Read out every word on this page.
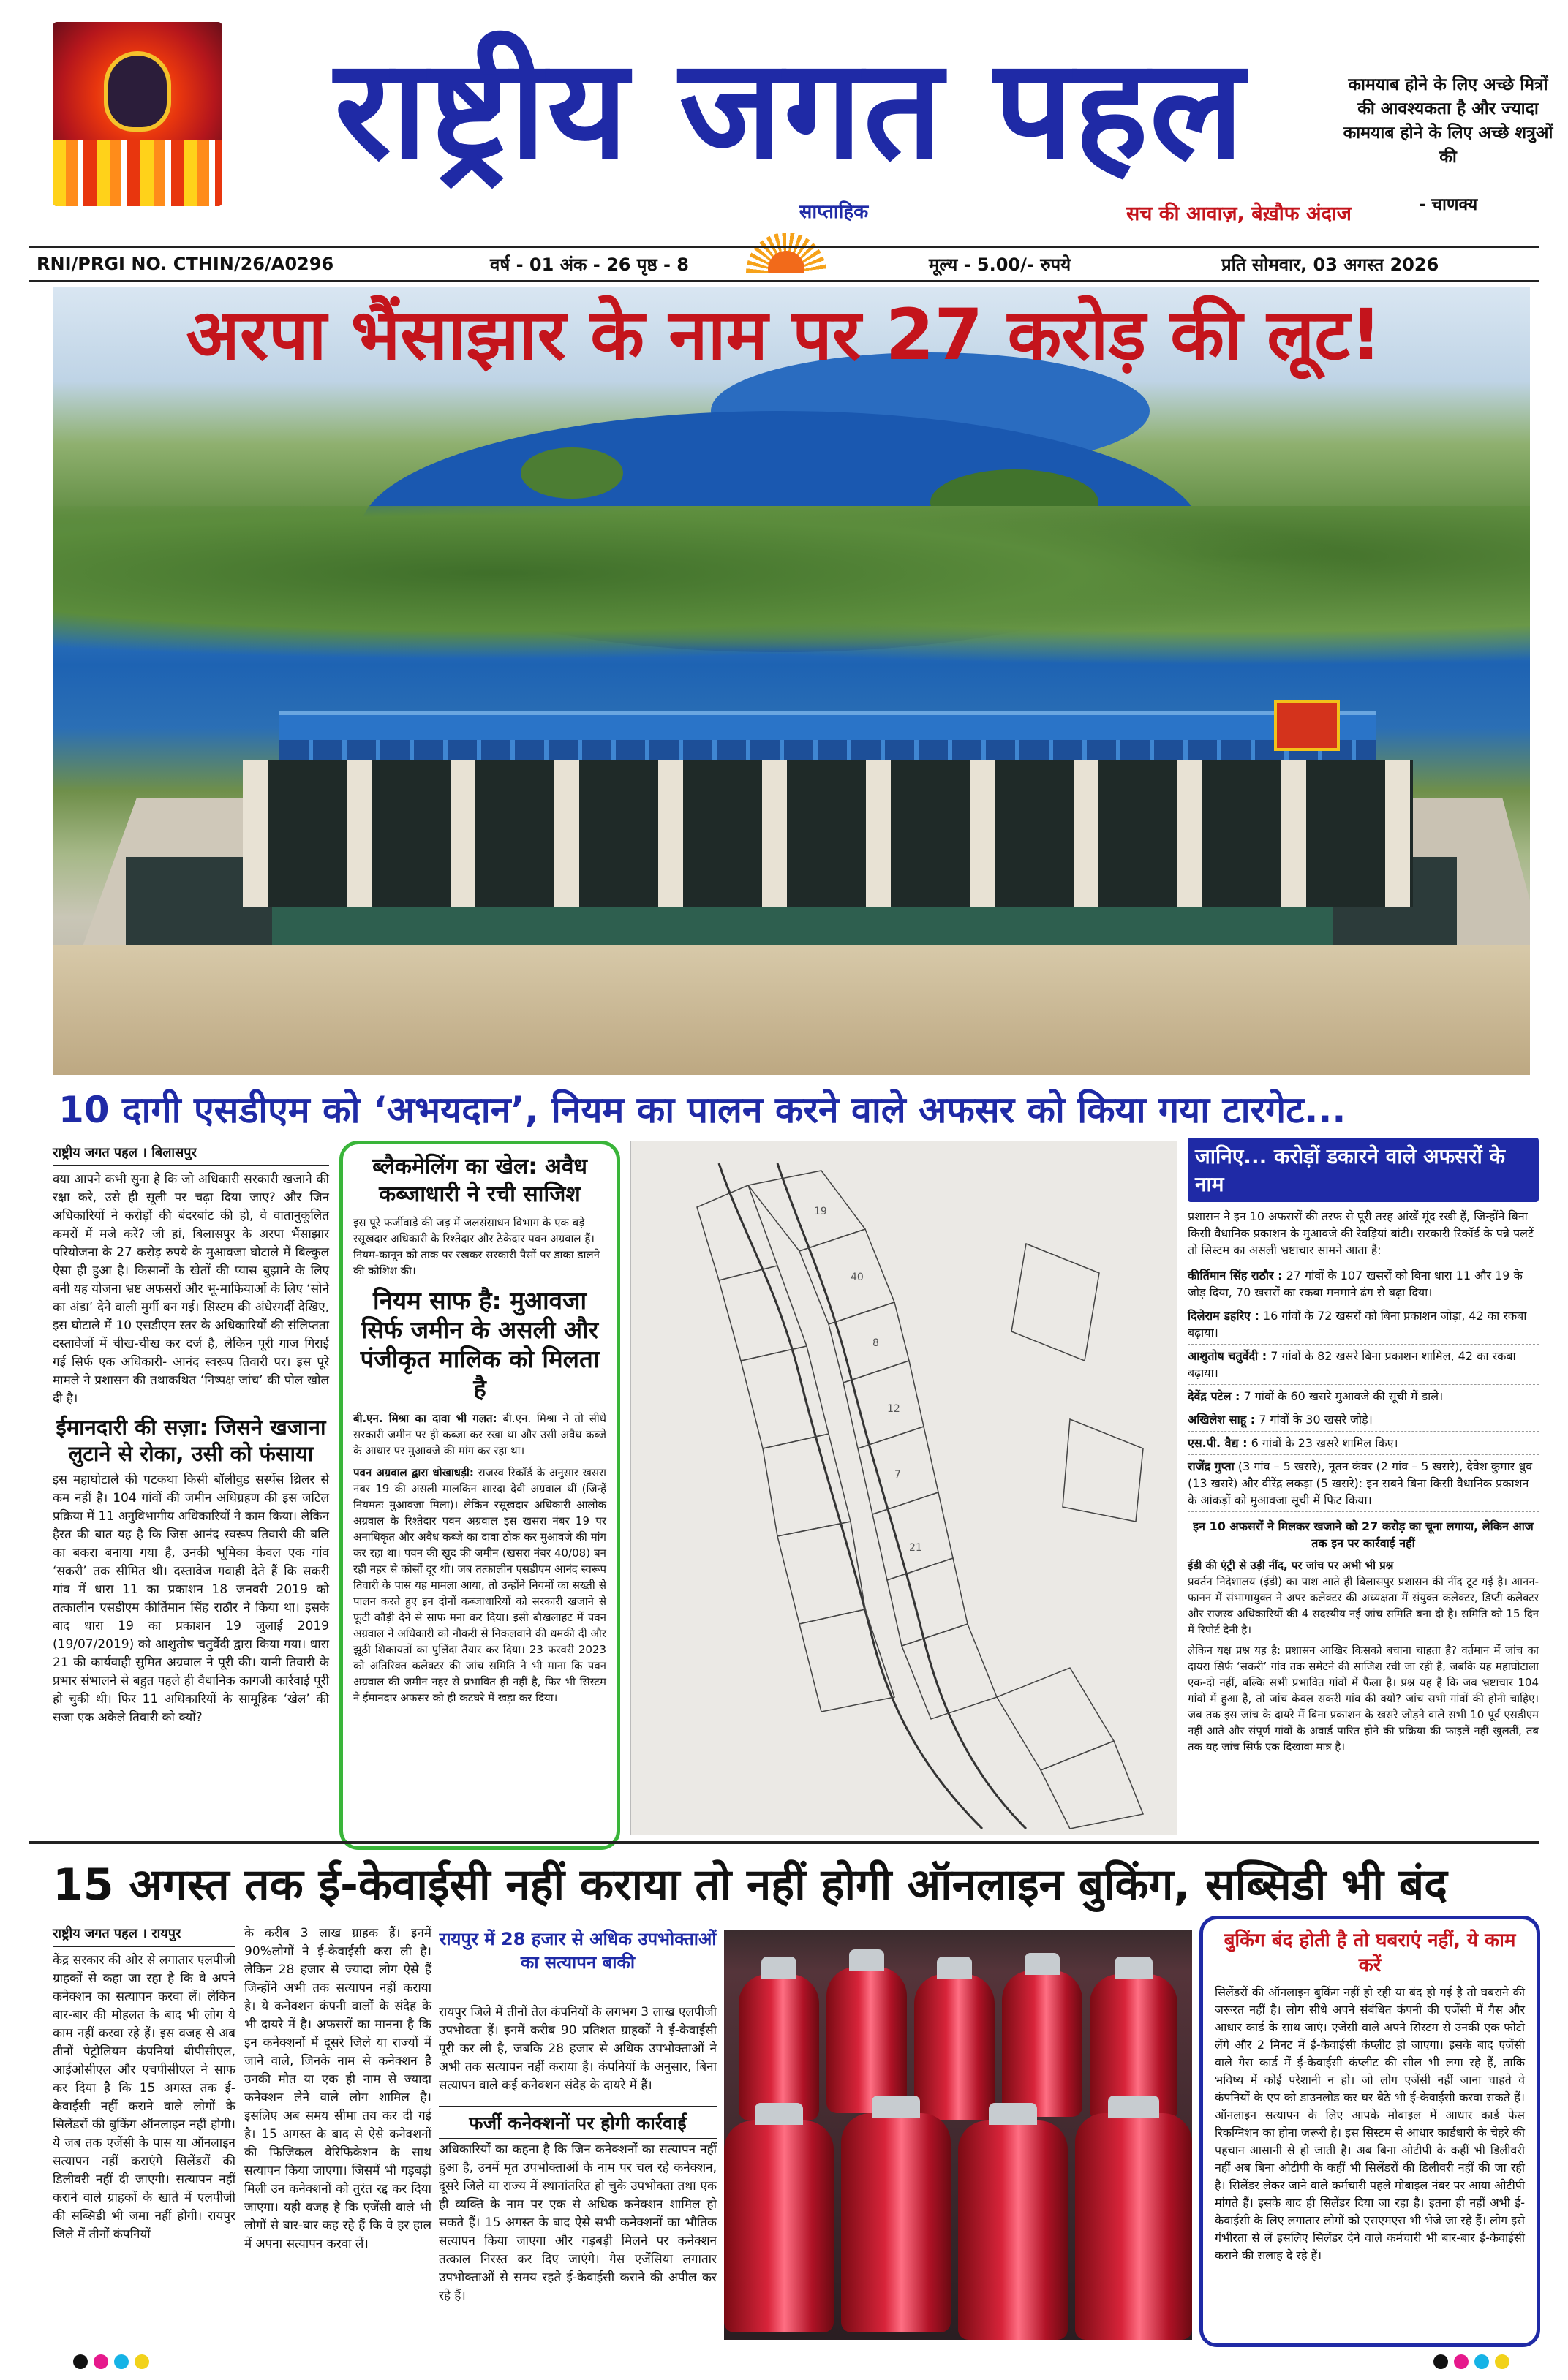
राष्ट्रीय जगत पहल
साप्ताहिक	सच की आवाज़, बेख़ौफ अंदाज
कामयाब होने के लिए अच्छे मित्रों की आवश्यकता है और ज्यादा कामयाब होने के लिए अच्छे शत्रुओं की
- चाणक्य
RNI/PRGI NO. CTHIN/26/A0296	वर्ष - 01 अंक - 26 पृष्ठ - 8	मूल्य - 5.00/- रुपये	प्रति सोमवार, 03 अगस्त 2026
अरपा भैंसाझार के नाम पर 27 करोड़ की लूट!
10 दागी एसडीएम को ‘अभयदान’, नियम का पालन करने वाले अफसर को किया गया टारगेट...
राष्ट्रीय जगत पहल । बिलासपुर

क्या आपने कभी सुना है कि जो अधिकारी सरकारी खजाने की रक्षा करे, उसे ही सूली पर चढ़ा दिया जाए? और जिन अधिकारियों ने करोड़ों की बंदरबांट की हो, वे वातानुकूलित कमरों में मजे करें? जी हां, बिलासपुर के अरपा भैंसाझार परियोजना के 27 करोड़ रुपये के मुआवजा घोटाले में बिल्कुल ऐसा ही हुआ है। किसानों के खेतों की प्यास बुझाने के लिए बनी यह योजना भ्रष्ट अफसरों और भू-माफियाओं के लिए ‘सोने का अंडा’ देने वाली मुर्गी बन गई। सिस्टम की अंधेरगर्दी देखिए, इस घोटाले में 10 एसडीएम स्तर के अधिकारियों की संलिप्तता दस्तावेजों में चीख-चीख कर दर्ज है, लेकिन पूरी गाज गिराई गई सिर्फ एक अधिकारी- आनंद स्वरूप तिवारी पर। इस पूरे मामले ने प्रशासन की तथाकथित ‘निष्पक्ष जांच’ की पोल खोल दी है।

ईमानदारी की सज़ा: जिसने खजाना लुटाने से रोका, उसी को फंसाया

इस महाघोटाले की पटकथा किसी बॉलीवुड सस्पेंस थ्रिलर से कम नहीं है। 104 गांवों की जमीन अधिग्रहण की इस जटिल प्रक्रिया में 11 अनुविभागीय अधिकारियों ने काम किया। लेकिन हैरत की बात यह है कि जिस आनंद स्वरूप तिवारी की बलि का बकरा बनाया गया है, उनकी भूमिका केवल एक गांव ‘सकरी’ तक सीमित थी। दस्तावेज गवाही देते हैं कि सकरी गांव में धारा 11 का प्रकाशन 18 जनवरी 2019 को तत्कालीन एसडीएम कीर्तिमान सिंह राठौर ने किया था। इसके बाद धारा 19 का प्रकाशन 19 जुलाई 2019 (19/07/2019) को आशुतोष चतुर्वेदी द्वारा किया गया। धारा 21 की कार्यवाही सुमित अग्रवाल ने पूरी की। यानी तिवारी के प्रभार संभालने से बहुत पहले ही वैधानिक कागजी कार्रवाई पूरी हो चुकी थी। फिर 11 अधिकारियों के सामूहिक ‘खेल’ की सजा एक अकेले तिवारी को क्यों?

ब्लैकमेलिंग का खेल: अवैध कब्जाधारी ने रची साजिश

इस पूरे फर्जीवाड़े की जड़ में जलसंसाधन विभाग के एक बड़े रसूखदार अधिकारी के रिश्तेदार और ठेकेदार पवन अग्रवाल हैं। नियम-कानून को ताक पर रखकर सरकारी पैसों पर डाका डालने की कोशिश की।

नियम साफ है: मुआवजा सिर्फ जमीन के असली और पंजीकृत मालिक को मिलता है

बी.एन. मिश्रा का दावा भी गलत: बी.एन. मिश्रा ने तो सीधे सरकारी जमीन पर ही कब्जा कर रखा था और उसी अवैध कब्जे के आधार पर मुआवजे की मांग कर रहा था।

पवन अग्रवाल द्वारा धोखाधड़ी: राजस्व रिकॉर्ड के अनुसार खसरा नंबर 19 की असली मालकिन शारदा देवी अग्रवाल थीं (जिन्हें नियमतः मुआवजा मिला)। लेकिन रसूखदार अधिकारी आलोक अग्रवाल के रिश्तेदार पवन अग्रवाल इस खसरा नंबर 19 पर अनाधिकृत और अवैध कब्जे का दावा ठोक कर मुआवजे की मांग कर रहा था। पवन की खुद की जमीन (खसरा नंबर 40/08) बन रही नहर से कोसों दूर थी। जब तत्कालीन एसडीएम आनंद स्वरूप तिवारी के पास यह मामला आया, तो उन्होंने नियमों का सख्ती से पालन करते हुए इन दोनों कब्जाधारियों को सरकारी खजाने से फूटी कौड़ी देने से साफ मना कर दिया। इसी बौखलाहट में पवन अग्रवाल ने अधिकारी को नौकरी से निकलवाने की धमकी दी और झूठी शिकायतों का पुलिंदा तैयार कर दिया। 23 फरवरी 2023 को अतिरिक्त कलेक्टर की जांच समिति ने भी माना कि पवन अग्रवाल की जमीन नहर से प्रभावित ही नहीं है, फिर भी सिस्टम ने ईमानदार अफसर को ही कटघरे में खड़ा कर दिया।

19
40
8
12
7
21
जानिए... करोड़ों डकारने वाले अफसरों के नाम

प्रशासन ने इन 10 अफसरों की तरफ से पूरी तरह आंखें मूंद रखी हैं, जिन्होंने बिना किसी वैधानिक प्रकाशन के मुआवजे की रेवड़ियां बांटी। सरकारी रिकॉर्ड के पन्ने पलटें तो सिस्टम का असली भ्रष्टाचार सामने आता है:

कीर्तिमान सिंह राठौर : 27 गांवों के 107 खसरों को बिना धारा 11 और 19 के जोड़ दिया, 70 खसरों का रकबा मनमाने ढंग से बढ़ा दिया।
दिलेराम डहरिए : 16 गांवों के 72 खसरों को बिना प्रकाशन जोड़ा, 42 का रकबा बढ़ाया।
आशुतोष चतुर्वेदी : 7 गांवों के 82 खसरे बिना प्रकाशन शामिल, 42 का रकबा बढ़ाया।
देवेंद्र पटेल : 7 गांवों के 60 खसरे मुआवजे की सूची में डाले।
अखिलेश साहू : 7 गांवों के 30 खसरे जोड़े।
एस.पी. वैद्य : 6 गांवों के 23 खसरे शामिल किए।
राजेंद्र गुप्ता (3 गांव – 5 खसरे), नूतन कंवर (2 गांव – 5 खसरे), देवेश कुमार ध्रुव (13 खसरे) और वीरेंद्र लकड़ा (5 खसरे): इन सबने बिना किसी वैधानिक प्रकाशन के आंकड़ों को मुआवजा सूची में फिट किया।
इन 10 अफसरों ने मिलकर खजाने को 27 करोड़ का चूना लगाया, लेकिन आज तक इन पर कार्रवाई नहीं

ईडी की एंट्री से उड़ी नींद, पर जांच पर अभी भी प्रश्न

प्रवर्तन निदेशालय (ईडी) का पाश आते ही बिलासपुर प्रशासन की नींद टूट गई है। आनन-फानन में संभागायुक्त ने अपर कलेक्टर की अध्यक्षता में संयुक्त कलेक्टर, डिप्टी कलेक्टर और राजस्व अधिकारियों की 4 सदस्यीय नई जांच समिति बना दी है। समिति को 15 दिन में रिपोर्ट देनी है।

लेकिन यक्ष प्रश्न यह है: प्रशासन आखिर किसको बचाना चाहता है? वर्तमान में जांच का दायरा सिर्फ ‘सकरी’ गांव तक समेटने की साजिश रची जा रही है, जबकि यह महाघोटाला एक-दो नहीं, बल्कि सभी प्रभावित गांवों में फैला है। प्रश्न यह है कि जब भ्रष्टाचार 104 गांवों में हुआ है, तो जांच केवल सकरी गांव की क्यों? जांच सभी गांवों की होनी चाहिए। जब तक इस जांच के दायरे में बिना प्रकाशन के खसरे जोड़ने वाले सभी 10 पूर्व एसडीएम नहीं आते और संपूर्ण गांवों के अवार्ड पारित होने की प्रक्रिया की फाइलें नहीं खुलतीं, तब तक यह जांच सिर्फ एक दिखावा मात्र है।

15 अगस्त तक ई-केवाईसी नहीं कराया तो नहीं होगी ऑनलाइन बुकिंग, सब्सिडी भी बंद
राष्ट्रीय जगत पहल । रायपुर

केंद्र सरकार की ओर से लगातार एलपीजी ग्राहकों से कहा जा रहा है कि वे अपने कनेक्शन का सत्यापन करवा लें। लेकिन बार-बार की मोहलत के बाद भी लोग ये काम नहीं करवा रहे हैं। इस वजह से अब तीनों पेट्रोलियम कंपनियां बीपीसीएल, आईओसीएल और एचपीसीएल ने साफ कर दिया है कि 15 अगस्त तक ई-केवाईसी नहीं कराने वाले लोगों के सिलेंडरों की बुकिंग ऑनलाइन नहीं होगी। ये जब तक एजेंसी के पास या ऑनलाइन सत्यापन नहीं कराएंगे सिलेंडरों की डिलीवरी नहीं दी जाएगी। सत्यापन नहीं कराने वाले ग्राहकों के खाते में एलपीजी की सब्सिडी भी जमा नहीं होगी। रायपुर जिले में तीनों कंपनियों

रायपुर में 28 हजार से अधिक उपभोक्ताओं का सत्यापन बाकी
रायपुर जिले में तीनों तेल कंपनियों के लगभग 3 लाख एलपीजी उपभोक्ता हैं। इनमें करीब 90 प्रतिशत ग्राहकों ने ई-केवाईसी पूरी कर ली है, जबकि 28 हजार से अधिक उपभोक्ताओं ने अभी तक सत्यापन नहीं कराया है। कंपनियों के अनुसार, बिना सत्यापन वाले कई कनेक्शन संदेह के दायरे में हैं।
फर्जी कनेक्शनों पर होगी कार्रवाई
अधिकारियों का कहना है कि जिन कनेक्शनों का सत्यापन नहीं हुआ है, उनमें मृत उपभोक्ताओं के नाम पर चल रहे कनेक्शन, दूसरे जिले या राज्य में स्थानांतरित हो चुके उपभोक्ता तथा एक ही व्यक्ति के नाम पर एक से अधिक कनेक्शन शामिल हो सकते हैं। 15 अगस्त के बाद ऐसे सभी कनेक्शनों का भौतिक सत्यापन किया जाएगा और गड़बड़ी मिलने पर कनेक्शन तत्काल निरस्त कर दिए जाएंगे। गैस एजेंसिया लगातार उपभोक्ताओं से समय रहते ई-केवाईसी कराने की अपील कर रहे हैं।
बुकिंग बंद होती है तो घबराएं नहीं, ये काम करें

सिलेंडरों की ऑनलाइन बुकिंग नहीं हो रही या बंद हो गई है तो घबराने की जरूरत नहीं है। लोग सीधे अपने संबंधित कंपनी की एजेंसी में गैस और आधार कार्ड के साथ जाएं। एजेंसी वाले अपने सिस्टम से उनकी एक फोटो लेंगे और 2 मिनट में ई-केवाईसी कंप्लीट हो जाएगा। इसके बाद एजेंसी वाले गैस कार्ड में ई-केवाईसी कंप्लीट की सील भी लगा रहे हैं, ताकि भविष्य में कोई परेशानी न हो। जो लोग एजेंसी नहीं जाना चाहते वे कंपनियों के एप को डाउनलोड कर घर बैठे भी ई-केवाईसी करवा सकते हैं। ऑनलाइन सत्यापन के लिए आपके मोबाइल में आधार कार्ड फेस रिकग्निशन का होना जरूरी है। इस सिस्टम से आधार कार्डधारी के चेहरे की पहचान आसानी से हो जाती है। अब बिना ओटीपी के कहीं भी डिलीवरी नहीं अब बिना ओटीपी के कहीं भी सिलेंडरों की डिलीवरी नहीं की जा रही है। सिलेंडर लेकर जाने वाले कर्मचारी पहले मोबाइल नंबर पर आया ओटीपी मांगते हैं। इसके बाद ही सिलेंडर दिया जा रहा है। इतना ही नहीं अभी ई-केवाईसी के लिए लगातार लोगों को एसएमएस भी भेजे जा रहे हैं। लोग इसे गंभीरता से लें इसलिए सिलेंडर देने वाले कर्मचारी भी बार-बार ई-केवाईसी कराने की सलाह दे रहे हैं।

के करीब 3 लाख ग्राहक हैं। इनमें 90%लोगों ने ई-केवाईसी करा ली है। लेकिन 28 हजार से ज्यादा लोग ऐसे हैं जिन्होंने अभी तक सत्यापन नहीं कराया है। ये कनेक्शन कंपनी वालों के संदेह के भी दायरे में है। अफसरों का मानना है कि इन कनेक्शनों में दूसरे जिले या राज्यों में जाने वाले, जिनके नाम से कनेक्शन है उनकी मौत या एक ही नाम से ज्यादा कनेक्शन लेने वाले लोग शामिल है। इसलिए अब समय सीमा तय कर दी गई है। 15 अगस्त के बाद से ऐसे कनेक्शनों की फिजिकल वेरिफिकेशन के साथ सत्यापन किया जाएगा। जिसमें भी गड़बड़ी मिली उन कनेक्शनों को तुरंत रद्द कर दिया जाएगा। यही वजह है कि एजेंसी वाले भी लोगों से बार-बार कह रहे हैं कि वे हर हाल में अपना सत्यापन करवा लें।
